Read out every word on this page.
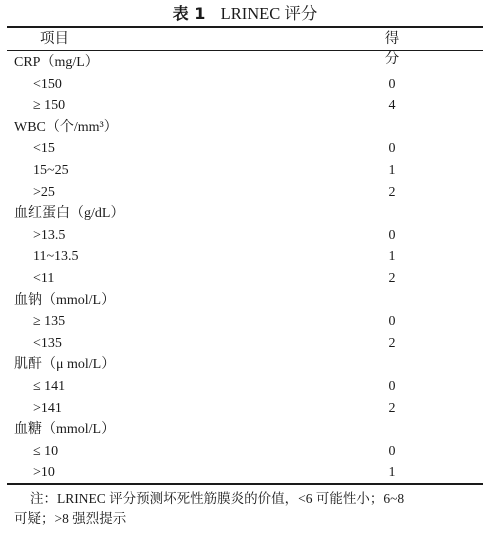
表 1 LRINEC 评分
项目	得分
CRP（mg/L）
<150	0
≥ 150	4
WBC（个/mm³）
<15	0
15~25	1
>25	2
血红蛋白（g/dL）
>13.5	0
11~13.5	1
<11	2
血钠（mmol/L）
≥ 135	0
<135	2
肌酐（μ mol/L）
≤ 141	0
>141	2
血糖（mmol/L）
≤ 10	0
>10	1
注：LRINEC 评分预测坏死性筋膜炎的价值，<6 可能性小；6~8
可疑；>8 强烈提示
